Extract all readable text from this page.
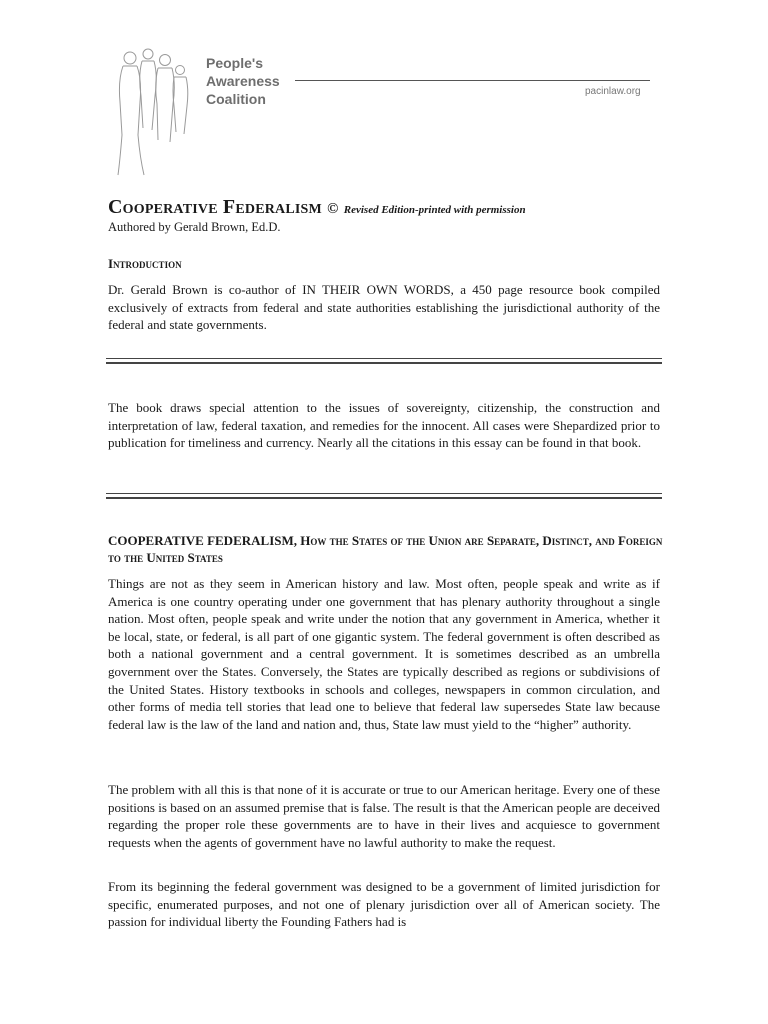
People's
Awareness
Coalition	pacinlaw.org
Cooperative Federalism © Revised Edition-printed with permission
Authored by Gerald Brown, Ed.D.
Introduction

Dr. Gerald Brown is co-author of IN THEIR OWN WORDS, a 450 page resource book compiled exclusively of extracts from federal and state authorities establishing the jurisdictional authority of the federal and state governments.

The book draws special attention to the issues of sovereignty, citizenship, the construction and interpretation of law, federal taxation, and remedies for the innocent. All cases were Shepardized prior to publication for timeliness and currency. Nearly all the citations in this essay can be found in that book.

COOPERATIVE FEDERALISM, How the States of the Union are Separate, Distinct, and Foreign to the United States

Things are not as they seem in American history and law. Most often, people speak and write as if America is one country operating under one government that has plenary authority throughout a single nation. Most often, people speak and write under the notion that any government in America, whether it be local, state, or federal, is all part of one gigantic system. The federal government is often described as both a national government and a central government. It is sometimes described as an umbrella government over the States. Conversely, the States are typically described as regions or subdivisions of the United States. History textbooks in schools and colleges, newspapers in common circulation, and other forms of media tell stories that lead one to believe that federal law supersedes State law because federal law is the law of the land and nation and, thus, State law must yield to the “higher” authority.

The problem with all this is that none of it is accurate or true to our American heritage. Every one of these positions is based on an assumed premise that is false. The result is that the American people are deceived regarding the proper role these governments are to have in their lives and acquiesce to government requests when the agents of government have no lawful authority to make the request.

From its beginning the federal government was designed to be a government of limited jurisdiction for specific, enumerated purposes, and not one of plenary jurisdiction over all of American society. The passion for individual liberty the Founding Fathers had is
